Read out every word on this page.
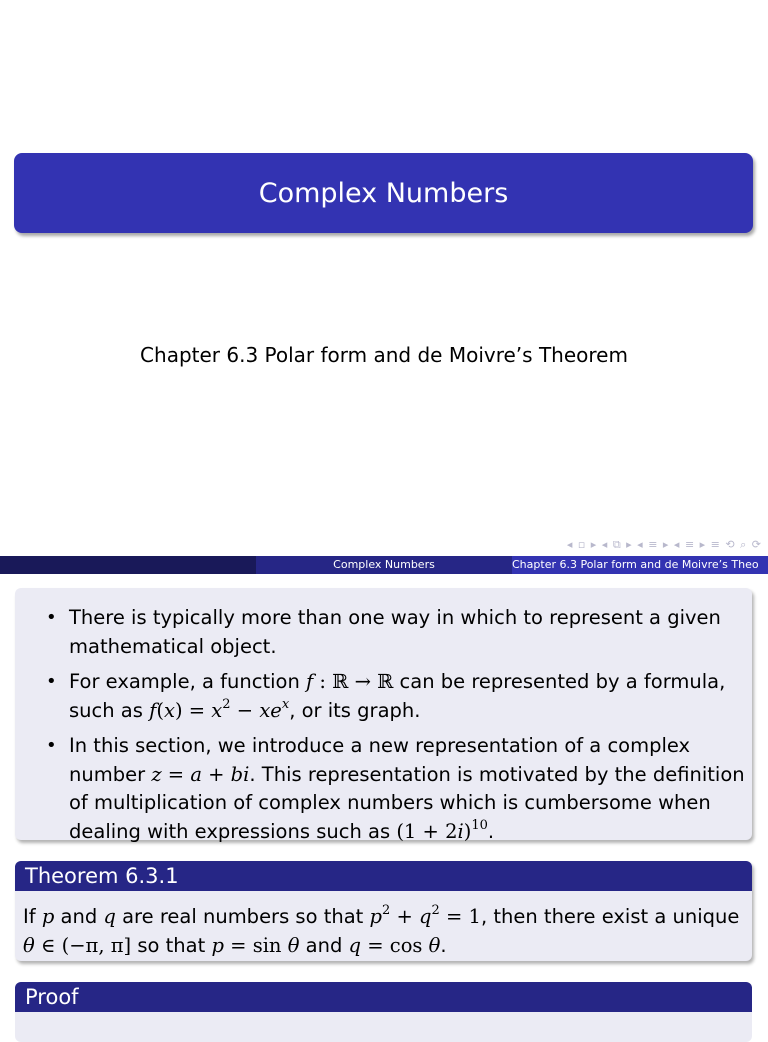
Complex Numbers
Chapter 6.3 Polar form and de Moivre’s Theorem
◂ ▫ ▸ ◂ ⧉ ▸ ◂ ≡ ▸ ◂ ≡ ▸ ≡ ⟲ ⌕ ⟳
Complex Numbers	Chapter 6.3 Polar form and de Moivre’s Theo
• There is typically more than one way in which to represent a given mathematical object.
• For example, a function f : ℝ → ℝ can be represented by a formula, such as $f(x) = x^2 - xe^x$, or its graph.
• In this section, we introduce a new representation of a complex number z = a + bi. This representation is motivated by the definition of multiplication of complex numbers which is cumbersome when dealing with expressions such as $(1 + 2i)^{10}$.
Theorem 6.3.1
If p and q are real numbers so that $p^2 + q^2 = 1$, then there exist a unique θ ∈ (−π, π] so that p = sin θ and q = cos θ.
Proof
